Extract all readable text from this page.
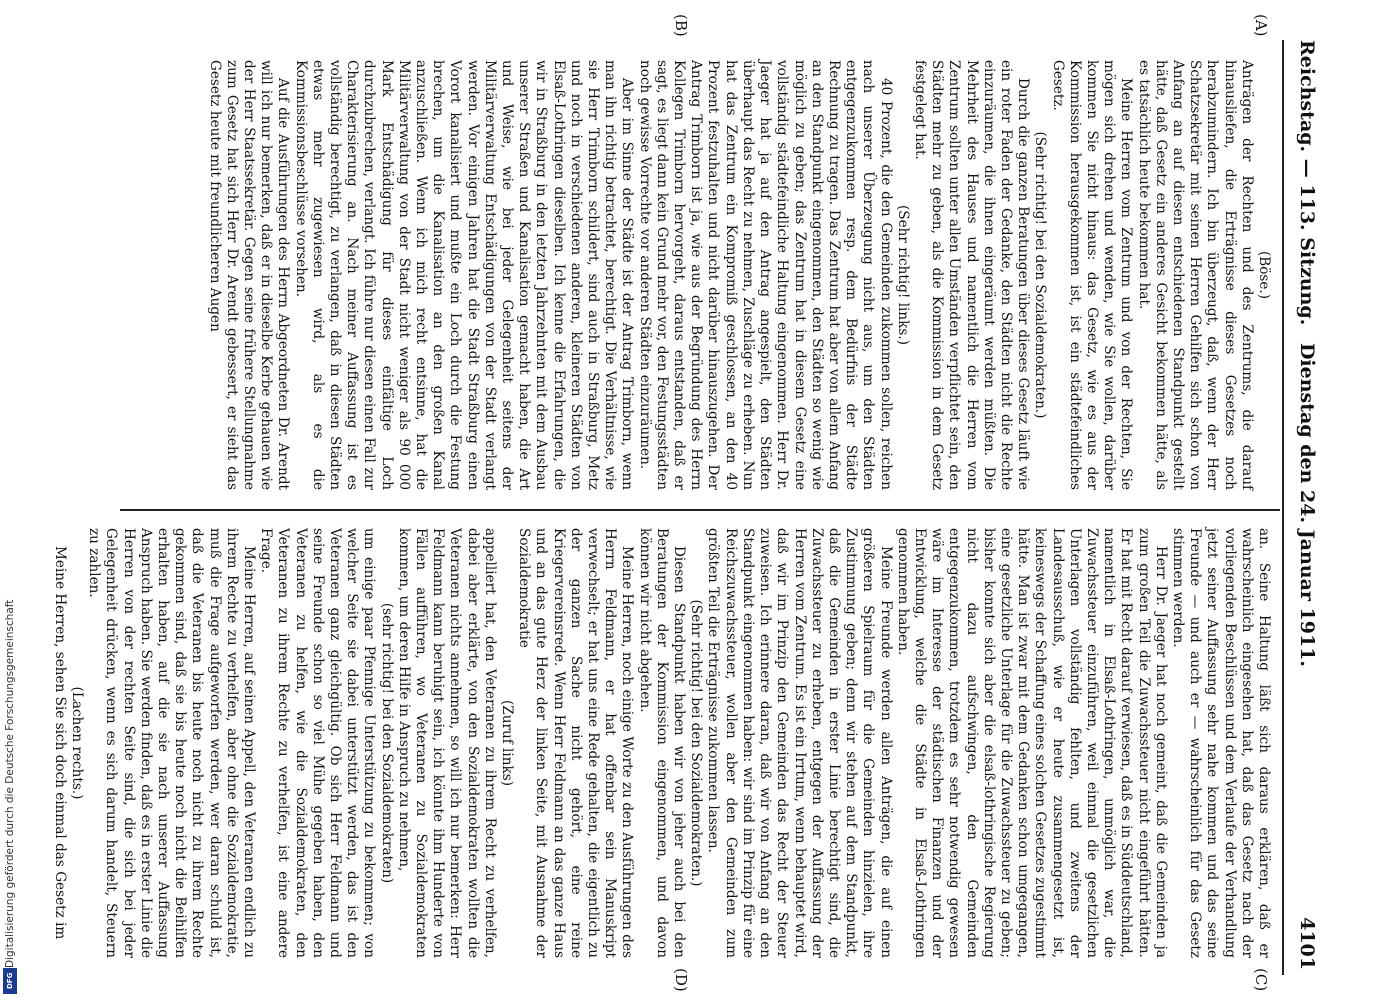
Reichstag. — 113. Sitzung.
Dienstag den 24. Januar 1911.
4101
(A)
(B)
(C)
(D)

(Böse.)

Anträgen der Rechten und des Zentrums, die darauf hinausliefen, die Erträgnisse dieses Gesetzes noch herabzumindern. Ich bin überzeugt, daß, wenn der Herr Schatzsekretär mit seinen Herren Gehilfen sich schon von Anfang an auf diesen entschiedenen Standpunkt gestellt hätte, daß Gesetz ein anderes Gesicht bekommen hätte, als es tatsächlich heute bekommen hat.

Meine Herren vom Zentrum und von der Rechten, Sie mögen sich drehen und wenden, wie Sie wollen, darüber kommen Sie nicht hinaus: das Gesetz, wie es aus der Kommission herausgekommen ist, ist ein städtefeindliches Gesetz.

(Sehr richtig! bei den Sozialdemokraten.)

Durch die ganzen Beratungen über dieses Gesetz läuft wie ein roter Faden der Gedanke, den Städten nicht die Rechte einzuräumen, die ihnen eingeräumt werden müßten. Die Mehrheit des Hauses und namentlich die Herren vom Zentrum sollten unter allen Umständen verpflichtet sein, den Städten mehr zu geben, als die Kommission in dem Gesetz festgelegt hat.

(Sehr richtig! links.)

40 Prozent, die den Gemeinden zukommen sollen, reichen nach unserer Überzeugung nicht aus, um den Städten entgegenzukommen resp. dem Bedürfnis der Städte Rechnung zu tragen. Das Zentrum hat aber von allem Anfang an den Standpunkt eingenommen, den Städten so wenig wie möglich zu geben; das Zentrum hat in diesem Gesetz eine vollständig städtefeindliche Haltung eingenommen. Herr Dr. Jaeger hat ja auf den Antrag angespielt, den Städten überhaupt das Recht zu nehmen, Zuschläge zu erheben. Nun hat das Zentrum ein Kompromiß geschlossen, an den 40 Prozent festzuhalten und nicht darüber hinauszugehen. Der Antrag Trimborn ist ja, wie aus der Begründung des Herrn Kollegen Trimborn hervorgeht, daraus entstanden, daß er sagt, es liegt dann kein Grund mehr vor, den Festungsstädten noch gewisse Vorrechte vor anderen Städten einzuräumen.

Aber im Sinne der Städte ist der Antrag Trimborn, wenn man ihn richtig betrachtet, berechtigt. Die Verhältnisse, wie sie Herr Trimborn schildert, sind auch in Straßburg, Metz und noch in verschiedenen anderen, kleineren Städten von Elsaß-Lothringen dieselben. Ich kenne die Erfahrungen, die wir in Straßburg in den letzten Jahrzehnten mit dem Ausbau unserer Straßen und Kanalisation gemacht haben, die Art und Weise, wie bei jeder Gelegenheit seitens der Militärverwaltung Entschädigungen von der Stadt verlangt werden. Vor einigen Jahren hat die Stadt Straßburg einen Vorort kanalisiert und mußte ein Loch durch die Festung brechen, um die Kanalisation an den großen Kanal anzuschließen. Wenn ich mich recht entsinne, hat die Militärverwaltung von der Stadt nicht weniger als 90 000 Mark Entschädigung für dieses einfältige Loch durchzubrechen, verlangt. Ich führe nur diesen einen Fall zur Charakterisierung an. Nach meiner Auffassung ist es vollständig berechtigt, zu verlangen, daß in diesen Städten etwas mehr zugewiesen wird, als es die Kommissionsbeschlüsse vorsehen.

Auf die Ausführungen des Herrn Abgeordneten Dr. Arendt will ich nur bemerken, daß er in dieselbe Kerbe gehauen wie der Herr Staatssekretär. Gegen seine frühere Stellungnahme zum Gesetz hat sich Herr Dr. Arendt gebessert, er sieht das Gesetz heute mit freundlicheren Augen

an. Seine Haltung läßt sich daraus erklären, daß er wahrscheinlich eingesehen hat, daß das Gesetz nach der vorliegenden Beschlüssen und dem Verlaufe der Verhandlung jetzt seiner Auffassung sehr nahe kommen und das seine Freunde — und auch er — wahrscheinlich für das Gesetz stimmen werden.

Herr Dr. Jaeger hat noch gemeint, daß die Gemeinden ja zum großen Teil die Zuwachssteuer nicht eingeführt hätten. Er hat mit Recht darauf verwiesen, daß es in Süddeutschland, namentlich in Elsaß-Lothringen, unmöglich war, die Zuwachssteuer einzuführen, weil einmal die gesetzlichen Unterlagen vollständig fehlten, und zweitens der Landesausschuß, wie er heute zusammengesetzt ist, keineswegs der Schaffung eines solchen Gesetzes zugestimmt hätte. Man ist zwar mit dem Gedanken schon umgegangen, eine gesetzliche Unterlage für die Zuwachssteuer zu geben; bisher konnte sich aber die elsaß-lothringische Regierung nicht dazu aufschwingen, den Gemeinden entgegenzukommen, trotzdem es sehr notwendig gewesen wäre im Interesse der städtischen Finanzen und der Entwicklung, welche die Städte in Elsaß-Lothringen genommen haben.

Meine Freunde werden allen Anträgen, die auf einen größeren Spielraum für die Gemeinden hinzielen, ihre Zustimmung geben; denn wir stehen auf dem Standpunkt, daß die Gemeinden in erster Linie berechtigt sind, die Zuwachssteuer zu erheben, entgegen der Auffassung der Herren vom Zentrum. Es ist ein Irrtum, wenn behauptet wird, daß wir im Prinzip den Gemeinden das Recht der Steuer zuweisen. Ich erinnere daran, daß wir von Anfang an den Standpunkt eingenommen haben: wir sind im Prinzip für eine Reichszuwachssteuer, wollen aber den Gemeinden zum größten Teil die Erträgnisse zukommen lassen.

(Sehr richtig! bei den Sozialdemokraten.)

Diesen Standpunkt haben wir von jeher auch bei den Beratungen der Kommission eingenommen, und davon können wir nicht abgehen.

Meine Herren, noch einige Worte zu den Ausführungen des Herrn Feldmann, er hat offenbar sein Manuskript verwechselt; er hat uns eine Rede gehalten, die eigentlich zu der ganzen Sache nicht gehört, eine reine Kriegervereinsrede. Wenn Herr Feldmann an das ganze Haus und an das gute Herz der linken Seite, mit Ausnahme der Sozialdemokratie

(Zuruf links)

appelliert hat, den Veteranen zu ihrem Recht zu verhelfen, dabei aber erklärte, von den Sozialdemokraten wollten die Veteranen nichts annehmen, so will ich nur bemerken: Herr Feldmann kann beruhigt sein, ich könnte ihm Hunderte von Fällen aufführen, wo Veteranen zu Sozialdemokraten kommen, um deren Hilfe in Anspruch zu nehmen,

(sehr richtig! bei den Sozialdemokraten)

um einige paar Pfennige Unterstützung zu bekommen; von welcher Seite sie dabei unterstützt werden, das ist den Veteranen ganz gleichgültig. Ob sich Herr Feldmann und seine Freunde schon so viel Mühe gegeben haben, den Veteranen zu helfen, wie die Sozialdemokraten, den Veteranen zu ihrem Rechte zu verhelfen, ist eine andere Frage.

Meine Herren, auf seinen Appell, den Veteranen endlich zu ihrem Rechte zu verhelfen, aber ohne die Sozialdemokratie, muß die Frage aufgeworfen werden, wer daran schuld ist, daß die Veteranen bis heute noch nicht zu ihrem Rechte gekommen sind, daß sie bis heute noch nicht die Beihilfen erhalten haben, auf die sie nach unserer Auffassung Anspruch haben. Sie werden finden, daß es in erster Linie die Herren von der rechten Seite sind, die sich bei jeder Gelegenheit drücken, wenn es sich darum handelt, Steuern zu zahlen.

(Lachen rechts.)

Meine Herren, sehen Sie sich doch einmal das Gesetz im

Digitalisierung gefördert durch die Deutsche Forschungsgemeinschaft
DFG
